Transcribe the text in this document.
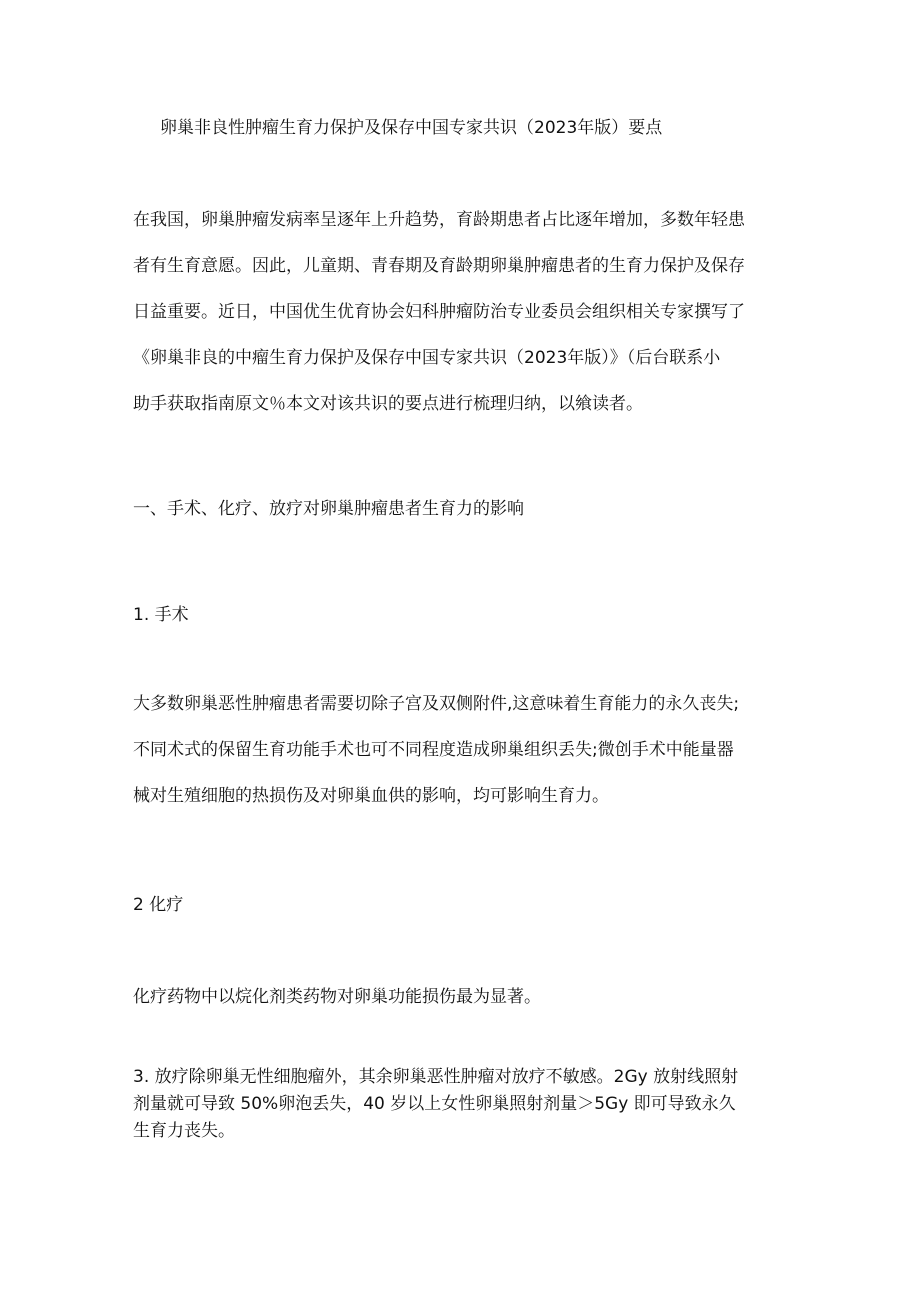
卵巢非良性肿瘤生育力保护及保存中国专家共识（2023年版）要点
在我国，卵巢肿瘤发病率呈逐年上升趋势，育龄期患者占比逐年增加，多数年轻患
者有生育意愿。因此，儿童期、青春期及育龄期卵巢肿瘤患者的生育力保护及保存
日益重要。近日，中国优生优育协会妇科肿瘤防治专业委员会组织相关专家撰写了
《卵巢非良的中瘤生育力保护及保存中国专家共识（2023年版）》（后台联系小
助手获取指南原文％本文对该共识的要点进行梳理归纳，以飨读者。
一、手术、化疗、放疗对卵巢肿瘤患者生育力的影响
1. 手术
大多数卵巢恶性肿瘤患者需要切除子宫及双侧附件,这意味着生育能力的永久丧失;
不同术式的保留生育功能手术也可不同程度造成卵巢组织丢失;微创手术中能量器
械对生殖细胞的热损伤及对卵巢血供的影响，均可影响生育力。
2 化疗
化疗药物中以烷化剂类药物对卵巢功能损伤最为显著。
3. 放疗除卵巢无性细胞瘤外，其余卵巢恶性肿瘤对放疗不敏感。2Gy 放射线照射
剂量就可导致 50%卵泡丢失，40 岁以上女性卵巢照射剂量＞5Gy 即可导致永久
生育力丧失。
